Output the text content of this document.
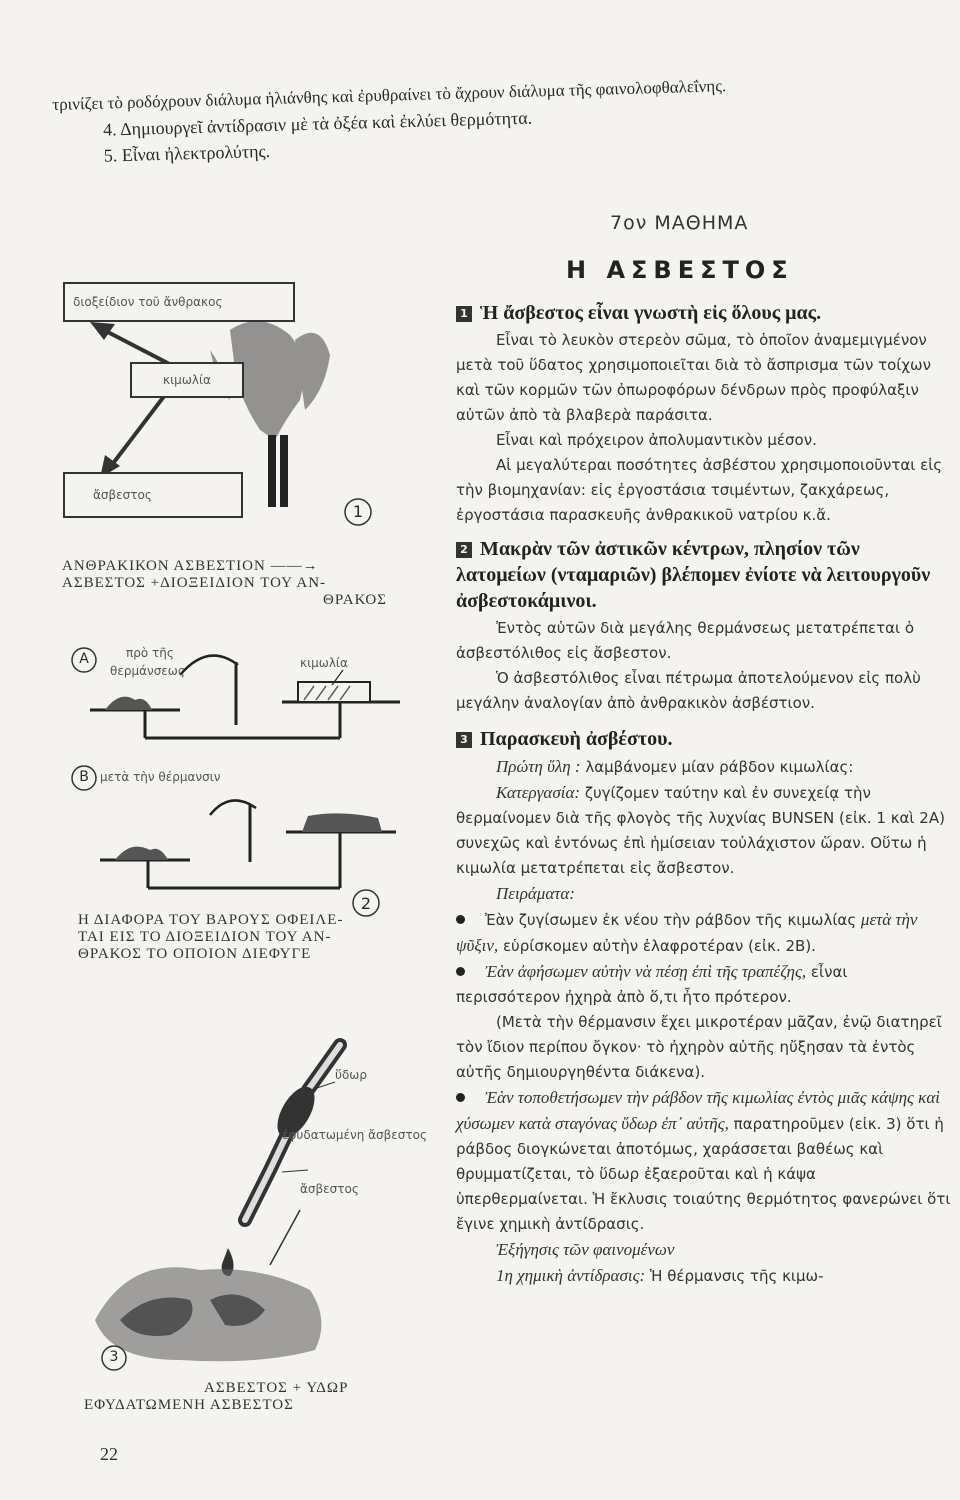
τρινίζει τὸ ροδόχρουν διάλυμα ἡλιάνθης καὶ ἐρυθραίνει τὸ ἄχρουν διάλυμα τῆς φαινολοφθαλεΐνης.
4. Δημιουργεῖ ἀντίδρασιν μὲ τὰ ὀξέα καὶ ἐκλύει θερμότητα.
5. Εἶναι ἠλεκτρολύτης.
7ον ΜΑΘΗΜΑ
Η ΑΣΒΕΣΤΟΣ
διοξείδιον τοῦ ἄνθρακος
κιμωλία
ἄσβεστος
1
ΑΝΘΡΑΚΙΚΟΝ ΑΣΒΕΣΤΙΟΝ ——→
ΑΣΒΕΣΤΟΣ +ΔΙΟΞΕΙΔΙΟΝ ΤΟΥ ΑΝ-
ΘΡΑΚΟΣ
A	πρὸ τῆς
θερμάνσεως
κιμωλία
B μετὰ τὴν θέρμανσιν
2
Η ΔΙΑΦΟΡΑ ΤΟΥ ΒΑΡΟΥΣ ΟΦΕΙΛΕ-
ΤΑΙ ΕΙΣ ΤΟ ΔΙΟΞΕΙΔΙΟΝ ΤΟΥ ΑΝ-
ΘΡΑΚΟΣ ΤΟ ΟΠΟΙΟΝ ΔΙΕΦΥΓΕ
ὕδωρ
ἐφυδατωμένη ἄσβεστος
ἄσβεστος
3
ΑΣΒΕΣΤΟΣ + ΥΔΩΡ
ΕΦΥΔΑΤΩΜΕΝΗ ΑΣΒΕΣΤΟΣ
1 Ἡ ἄσβεστος εἶναι γνωστὴ εἰς ὅλους μας.

Εἶναι τὸ λευκὸν στερεὸν σῶμα, τὸ ὁποῖον ἀναμεμιγμένον μετὰ τοῦ ὕδατος χρησιμοποιεῖται διὰ τὸ ἄσπρισμα τῶν τοίχων καὶ τῶν κορμῶν τῶν ὀπωροφόρων δένδρων πρὸς προφύλαξιν αὐτῶν ἀπὸ τὰ βλαβερὰ παράσιτα.

Εἶναι καὶ πρόχειρον ἀπολυμαντικὸν μέσον.

Αἱ μεγαλύτεραι ποσότητες ἀσβέστου χρησιμοποιοῦνται εἰς τὴν βιομηχανίαν: εἰς ἐργοστάσια τσιμέντων, ζακχάρεως, ἐργοστάσια παρασκευῆς ἀνθρακικοῦ νατρίου κ.ἄ.

2 Μακρὰν τῶν ἀστικῶν κέντρων, πλησίον τῶν λατομείων (νταμαριῶν) βλέπομεν ἐνίοτε νὰ λειτουργοῦν ἀσβεστοκάμινοι.

Ἐντὸς αὐτῶν διὰ μεγάλης θερμάνσεως μετατρέπεται ὁ ἀσβεστόλιθος εἰς ἄσβεστον.

Ὁ ἀσβεστόλιθος εἶναι πέτρωμα ἀποτελούμενον εἰς πολὺ μεγάλην ἀναλογίαν ἀπὸ ἀνθρακικὸν ἀσβέστιον.

3 Παρασκευὴ ἀσβέστου.

Πρώτη ὕλη : λαμβάνομεν μίαν ράβδον κιμωλίας:

Κατεργασία: ζυγίζομεν ταύτην καὶ ἐν συνεχείᾳ τὴν θερμαίνομεν διὰ τῆς φλογὸς τῆς λυχνίας BUNSEN (εἰκ. 1 καὶ 2Α) συνεχῶς καὶ ἐντόνως ἐπὶ ἡμίσειαν τοὐλάχιστον ὥραν. Οὕτω ἡ κιμωλία μετατρέπεται εἰς ἄσβεστον.

Πειράματα:

Ἐὰν ζυγίσωμεν ἐκ νέου τὴν ράβδον τῆς κιμωλίας μετὰ τὴν ψῦξιν, εὑρίσκομεν αὐτὴν ἐλαφροτέραν (εἰκ. 2Β).

Ἐὰν ἀφήσωμεν αὐτὴν νὰ πέσῃ ἐπὶ τῆς τραπέζης, εἶναι περισσότερον ἠχηρὰ ἀπὸ ὅ,τι ἦτο πρότερον.

(Μετὰ τὴν θέρμανσιν ἔχει μικροτέραν μᾶζαν, ἐνῷ διατηρεῖ τὸν ἴδιον περίπου ὄγκον· τὸ ἠχηρὸν αὐτῆς ηὔξησαν τὰ ἐντὸς αὐτῆς δημιουργηθέντα διάκενα).

Ἐὰν τοποθετήσωμεν τὴν ράβδον τῆς κιμωλίας ἐντὸς μιᾶς κάψης καὶ χύσωμεν κατὰ σταγόνας ὕδωρ ἐπ᾽ αὐτῆς, παρατηροῦμεν (εἰκ. 3) ὅτι ἡ ράβδος διογκώνεται ἀποτόμως, χαράσσεται βαθέως καὶ θρυμματίζεται, τὸ ὕδωρ ἐξαεροῦται καὶ ἡ κάψα ὑπερθερμαίνεται. Ἡ ἔκλυσις τοιαύτης θερμότητος φανερώνει ὅτι ἔγινε χημικὴ ἀντίδρασις.

Ἐξήγησις τῶν φαινομένων

1η χημικὴ ἀντίδρασις: Ἡ θέρμανσις τῆς κιμω-

22
